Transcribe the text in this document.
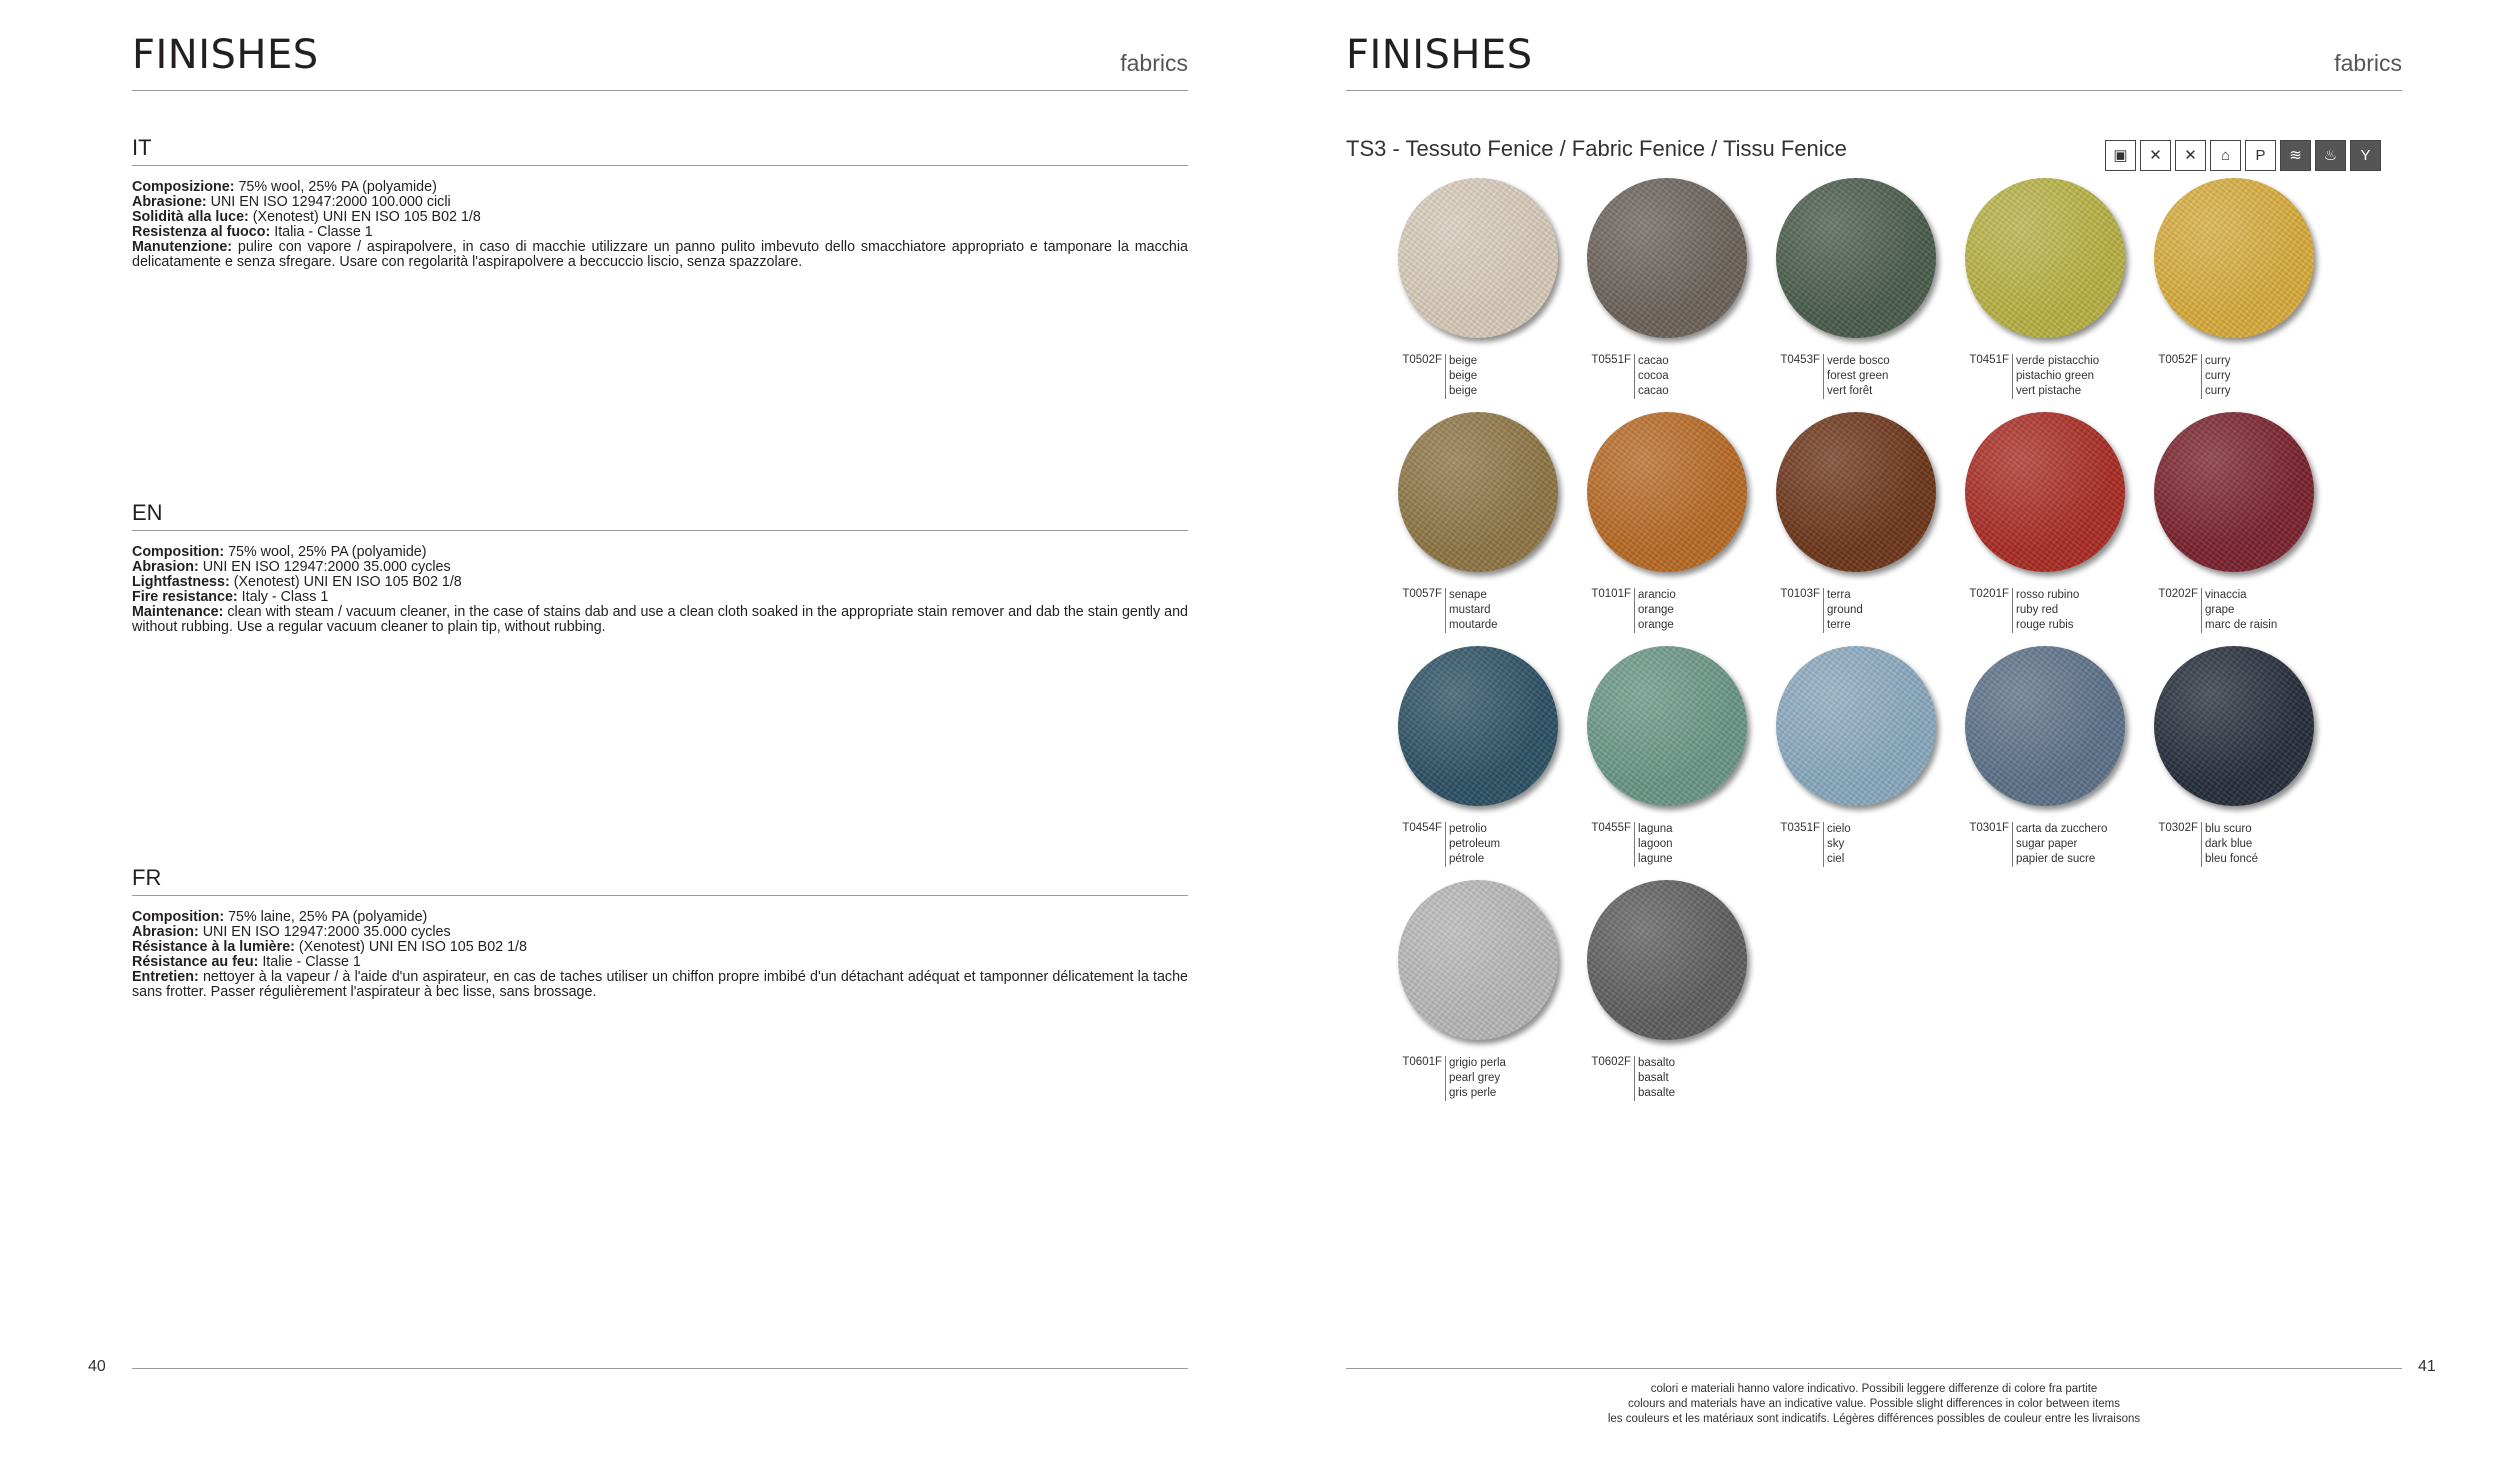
FINISHES	fabrics
IT
Composizione: 75% wool, 25% PA (polyamide)
Abrasione: UNI EN ISO 12947:2000 100.000 cicli
Solidità alla luce: (Xenotest) UNI EN ISO 105 B02 1/8
Resistenza al fuoco: Italia - Classe 1
Manutenzione: pulire con vapore / aspirapolvere, in caso di macchie utilizzare un panno pulito imbevuto dello smacchiatore appropriato e tamponare la macchia delicatamente e senza sfregare. Usare con regolarità l'aspirapolvere a beccuccio liscio, senza spazzolare.
EN
Composition: 75% wool, 25% PA (polyamide)
Abrasion: UNI EN ISO 12947:2000 35.000 cycles
Lightfastness: (Xenotest) UNI EN ISO 105 B02 1/8
Fire resistance: Italy - Class 1
Maintenance: clean with steam / vacuum cleaner, in the case of stains dab and use a clean cloth soaked in the appropriate stain remover and dab the stain gently and without rubbing. Use a regular vacuum cleaner to plain tip, without rubbing.
FR
Composition: 75% laine, 25% PA (polyamide)
Abrasion: UNI EN ISO 12947:2000 35.000 cycles
Résistance à la lumière: (Xenotest) UNI EN ISO 105 B02 1/8
Résistance au feu: Italie - Classe 1
Entretien: nettoyer à la vapeur / à l'aide d'un aspirateur, en cas de taches utiliser un chiffon propre imbibé d'un détachant adéquat et tamponner délicatement la tache sans frotter. Passer régulièrement l'aspirateur à bec lisse, sans brossage.
40
FINISHES	fabrics
TS3 - Tessuto Fenice / Fabric Fenice / Tissu Fenice	▣	✕	✕	⌂	P	≋	♨	Y
T0502F beige
beige
beige
T0551F cacao
cocoa
cacao
T0453F verde bosco
forest green
vert forêt
T0451F verde pistacchio
pistachio green
vert pistache
T0052F curry
curry
curry
T0057F senape
mustard
moutarde
T0101F arancio
orange
orange
T0103F terra
ground
terre
T0201F rosso rubino
ruby red
rouge rubis
T0202F vinaccia
grape
marc de raisin
T0454F petrolio
petroleum
pétrole
T0455F laguna
lagoon
lagune
T0351F cielo
sky
ciel
T0301F carta da zucchero
sugar paper
papier de sucre
T0302F blu scuro
dark blue
bleu foncé
T0601F grigio perla
pearl grey
gris perle
T0602F basalto
basalt
basalte
41
colori e materiali hanno valore indicativo. Possibili leggere differenze di colore fra partite
colours and materials have an indicative value. Possible slight differences in color between items
les couleurs et les matériaux sont indicatifs. Légères différences possibles de couleur entre les livraisons
